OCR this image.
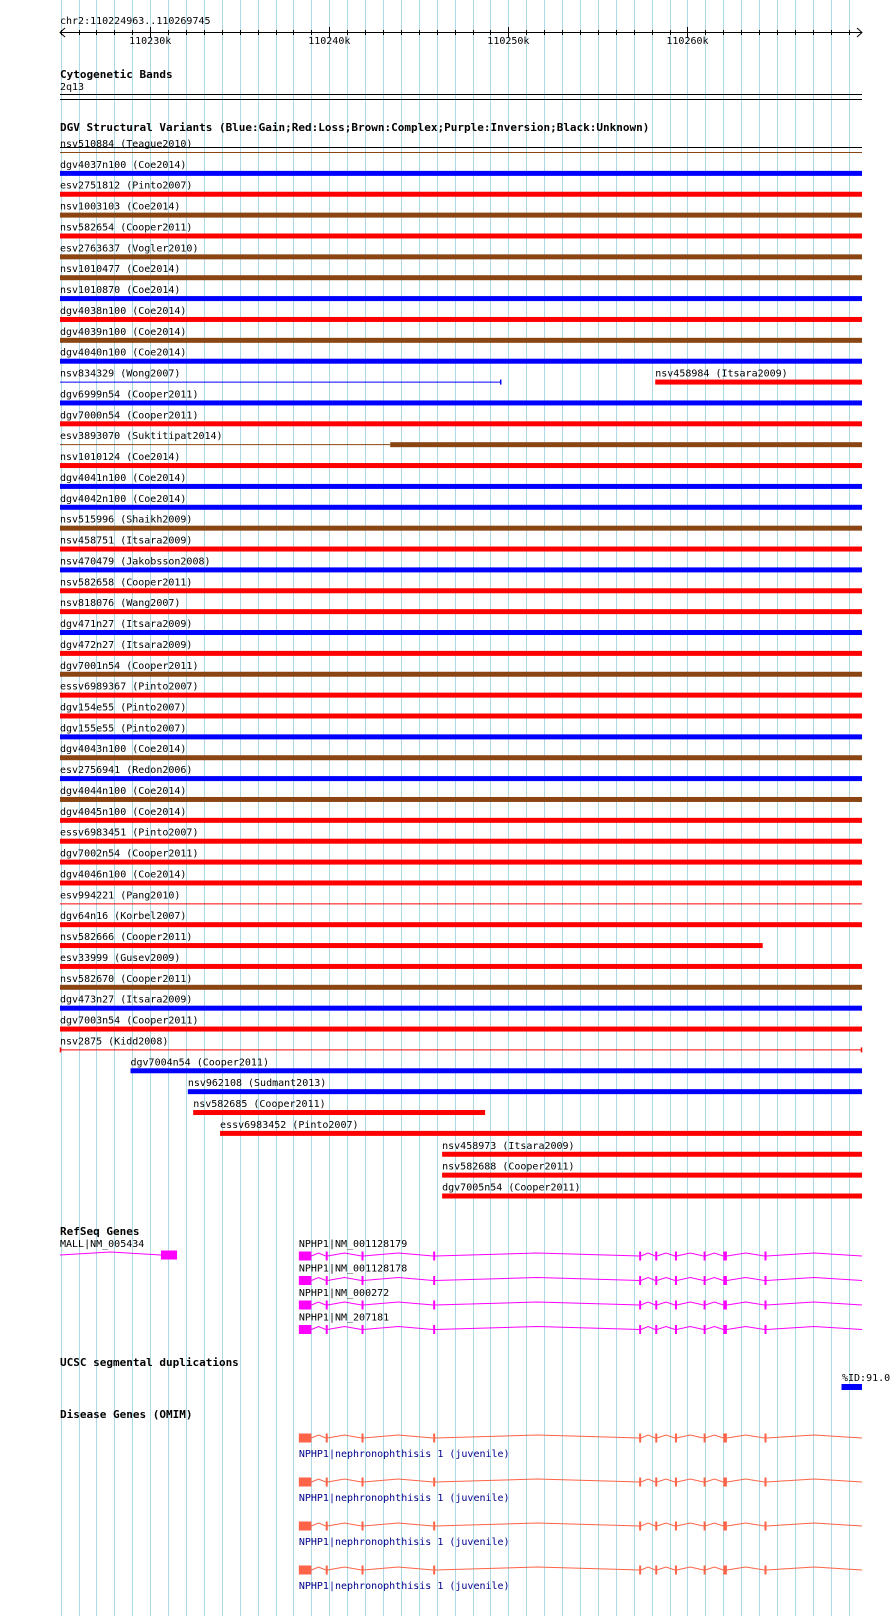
chr2:110224963..110269745
110230k	110240k	110250k	110260k
Cytogenetic Bands
2q13
DGV Structural Variants (Blue:Gain;Red:Loss;Brown:Complex;Purple:Inversion;Black:Unknown)
nsv510884 (Teague2010)
dgv4037n100 (Coe2014)
esv2751812 (Pinto2007)
nsv1003103 (Coe2014)
nsv582654 (Cooper2011)
esv2763637 (Vogler2010)
nsv1010477 (Coe2014)
nsv1010870 (Coe2014)
dgv4038n100 (Coe2014)
dgv4039n100 (Coe2014)
dgv4040n100 (Coe2014)
nsv834329 (Wong2007)
dgv6999n54 (Cooper2011)
dgv7000n54 (Cooper2011)
esv3893070 (Suktitipat2014)
nsv1010124 (Coe2014)
dgv4041n100 (Coe2014)
dgv4042n100 (Coe2014)
nsv515996 (Shaikh2009)
nsv458751 (Itsara2009)
nsv470479 (Jakobsson2008)
nsv582658 (Cooper2011)
nsv818076 (Wang2007)
dgv471n27 (Itsara2009)
dgv472n27 (Itsara2009)
dgv7001n54 (Cooper2011)
essv6989367 (Pinto2007)
dgv154e55 (Pinto2007)
dgv155e55 (Pinto2007)
dgv4043n100 (Coe2014)
esv2756941 (Redon2006)
dgv4044n100 (Coe2014)
dgv4045n100 (Coe2014)
essv6983451 (Pinto2007)
dgv7002n54 (Cooper2011)
dgv4046n100 (Coe2014)
esv994221 (Pang2010)
dgv64n16 (Korbel2007)
nsv582666 (Cooper2011)
esv33999 (Gusev2009)
nsv582670 (Cooper2011)
dgv473n27 (Itsara2009)
dgv7003n54 (Cooper2011)
nsv2875 (Kidd2008)
dgv7004n54 (Cooper2011)
nsv962108 (Sudmant2013)
nsv582685 (Cooper2011)
essv6983452 (Pinto2007)
nsv458973 (Itsara2009)
nsv582688 (Cooper2011)
dgv7005n54 (Cooper2011)
nsv458984 (Itsara2009)
RefSeq Genes
MALL|NM_005434	NPHP1|NM_001128179
NPHP1|NM_001128178
NPHP1|NM_000272
NPHP1|NM_207181
UCSC segmental duplications
%ID:91.0
Disease Genes (OMIM)
NPHP1|nephronophthisis 1 (juvenile)
NPHP1|nephronophthisis 1 (juvenile)
NPHP1|nephronophthisis 1 (juvenile)
NPHP1|nephronophthisis 1 (juvenile)
